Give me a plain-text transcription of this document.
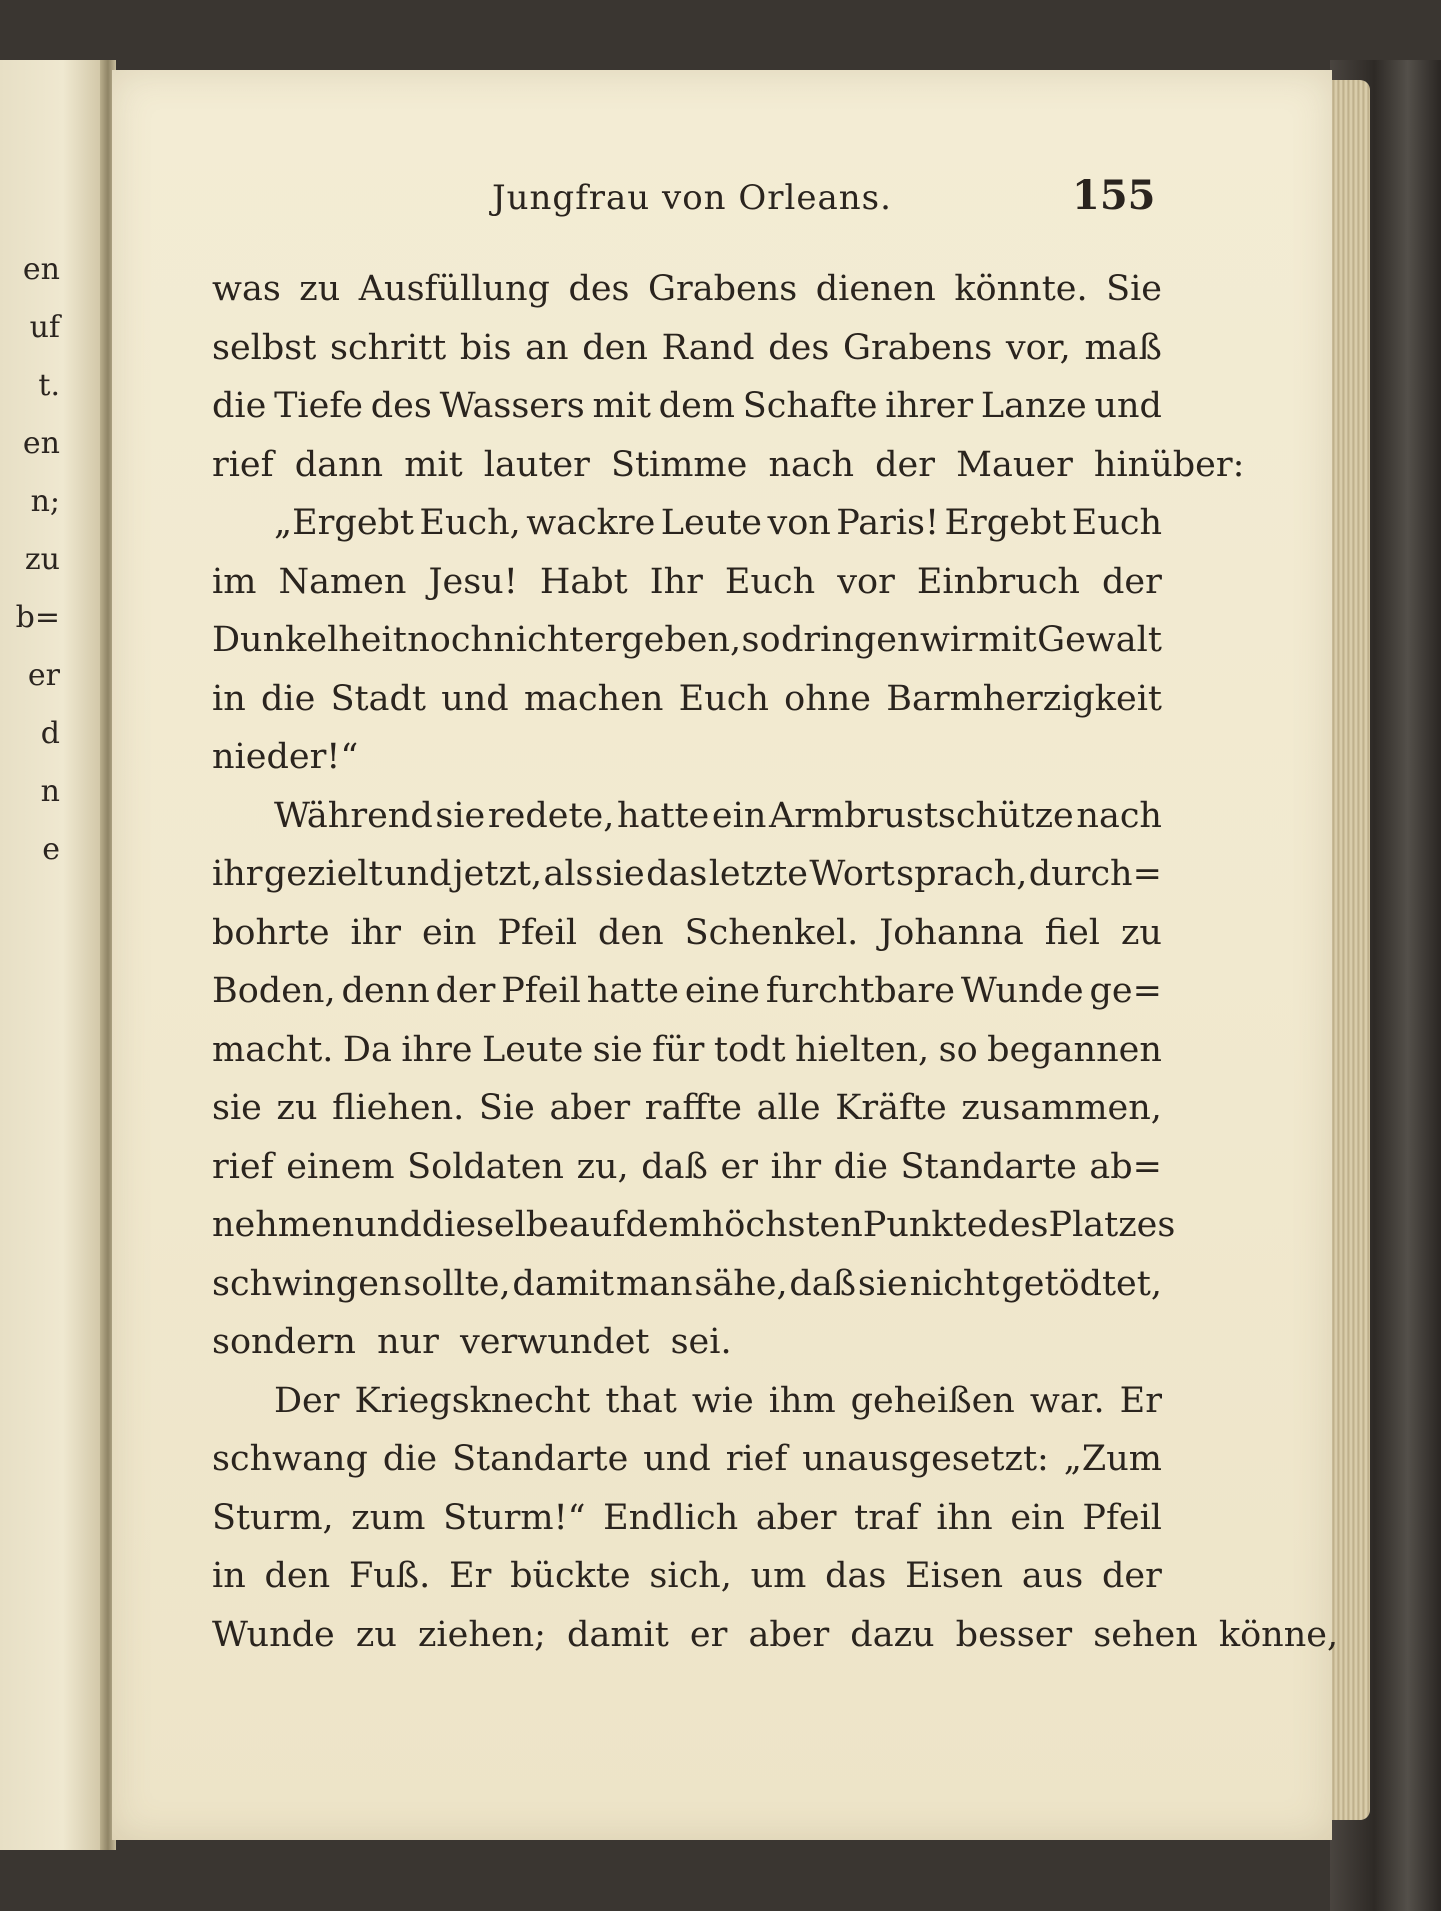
en
uf
t.
en
n;
zu
b=
er
d
n
e
Jungfrau von Orleans.	155
was zu Ausfüllung des Grabens dienen könnte. Sie
selbst schritt bis an den Rand des Grabens vor, maß
die Tiefe des Wassers mit dem Schafte ihrer Lanze und
rief dann mit lauter Stimme nach der Mauer hinüber:
„Ergebt Euch, wackre Leute von Paris! Ergebt Euch
im Namen Jesu! Habt Ihr Euch vor Einbruch der
Dunkelheit noch nicht ergeben, so dringen wir mit Gewalt
in die Stadt und machen Euch ohne Barmherzigkeit
nieder!“
Während sie redete, hatte ein Armbrustschütze nach
ihr gezielt und jetzt, als sie das letzte Wort sprach, durch=
bohrte ihr ein Pfeil den Schenkel. Johanna fiel zu
Boden, denn der Pfeil hatte eine furchtbare Wunde ge=
macht. Da ihre Leute sie für todt hielten, so begannen
sie zu fliehen. Sie aber raffte alle Kräfte zusammen,
rief einem Soldaten zu, daß er ihr die Standarte ab=
nehmen und dieselbe auf dem höchsten Punkte des Platzes
schwingen sollte, damit man sähe, daß sie nicht getödtet,
sondern nur verwundet sei.
Der Kriegsknecht that wie ihm geheißen war. Er
schwang die Standarte und rief unausgesetzt: „Zum
Sturm, zum Sturm!“ Endlich aber traf ihn ein Pfeil
in den Fuß. Er bückte sich, um das Eisen aus der
Wunde zu ziehen; damit er aber dazu besser sehen könne,
